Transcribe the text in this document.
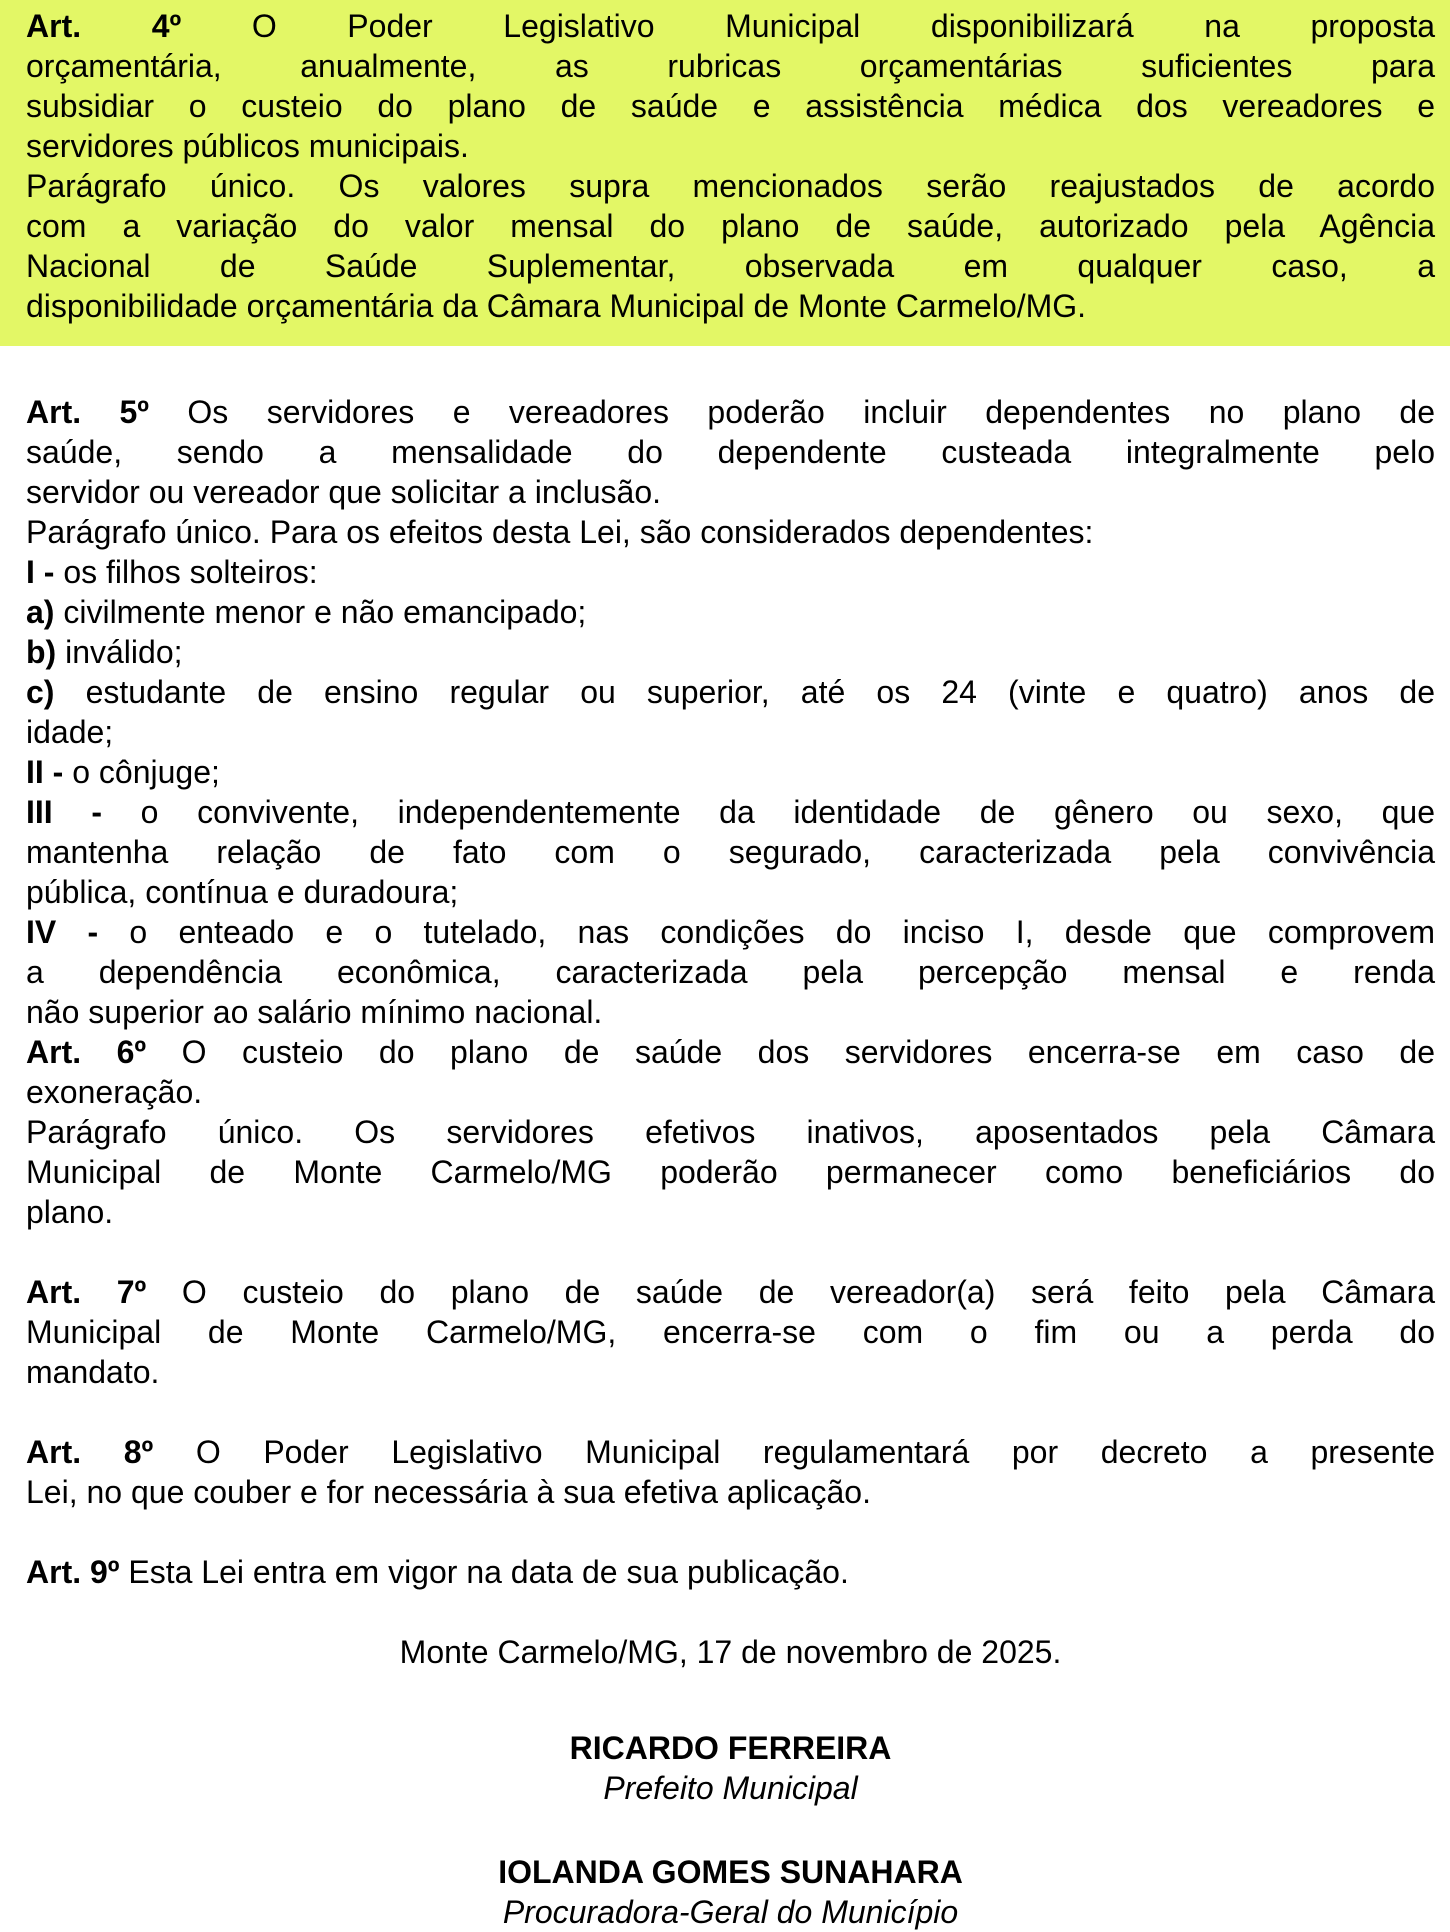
Art. 4º O Poder Legislativo Municipal disponibilizará na proposta
orçamentária, anualmente, as rubricas orçamentárias suficientes para
subsidiar o custeio do plano de saúde e assistência médica dos vereadores e
servidores públicos municipais.

Parágrafo único. Os valores supra mencionados serão reajustados de acordo
com a variação do valor mensal do plano de saúde, autorizado pela Agência
Nacional de Saúde Suplementar, observada em qualquer caso, a
disponibilidade orçamentária da Câmara Municipal de Monte Carmelo/MG.

Art. 5º Os servidores e vereadores poderão incluir dependentes no plano de
saúde, sendo a mensalidade do dependente custeada integralmente pelo
servidor ou vereador que solicitar a inclusão.

Parágrafo único. Para os efeitos desta Lei, são considerados dependentes:

I - os filhos solteiros:

a) civilmente menor e não emancipado;

b) inválido;

c) estudante de ensino regular ou superior, até os 24 (vinte e quatro) anos de
idade;

II - o cônjuge;

III - o convivente, independentemente da identidade de gênero ou sexo, que
mantenha relação de fato com o segurado, caracterizada pela convivência
pública, contínua e duradoura;

IV - o enteado e o tutelado, nas condições do inciso I, desde que comprovem
a dependência econômica, caracterizada pela percepção mensal e renda
não superior ao salário mínimo nacional.

Art. 6º O custeio do plano de saúde dos servidores encerra-se em caso de
exoneração.

Parágrafo único. Os servidores efetivos inativos, aposentados pela Câmara
Municipal de Monte Carmelo/MG poderão permanecer como beneficiários do
plano.

Art. 7º O custeio do plano de saúde de vereador(a) será feito pela Câmara
Municipal de Monte Carmelo/MG, encerra-se com o fim ou a perda do
mandato.

Art. 8º O Poder Legislativo Municipal regulamentará por decreto a presente
Lei, no que couber e for necessária à sua efetiva aplicação.

Art. 9º Esta Lei entra em vigor na data de sua publicação.

Monte Carmelo/MG, 17 de novembro de 2025.

RICARDO FERREIRA
Prefeito Municipal
IOLANDA GOMES SUNAHARA
Procuradora-Geral do Município
